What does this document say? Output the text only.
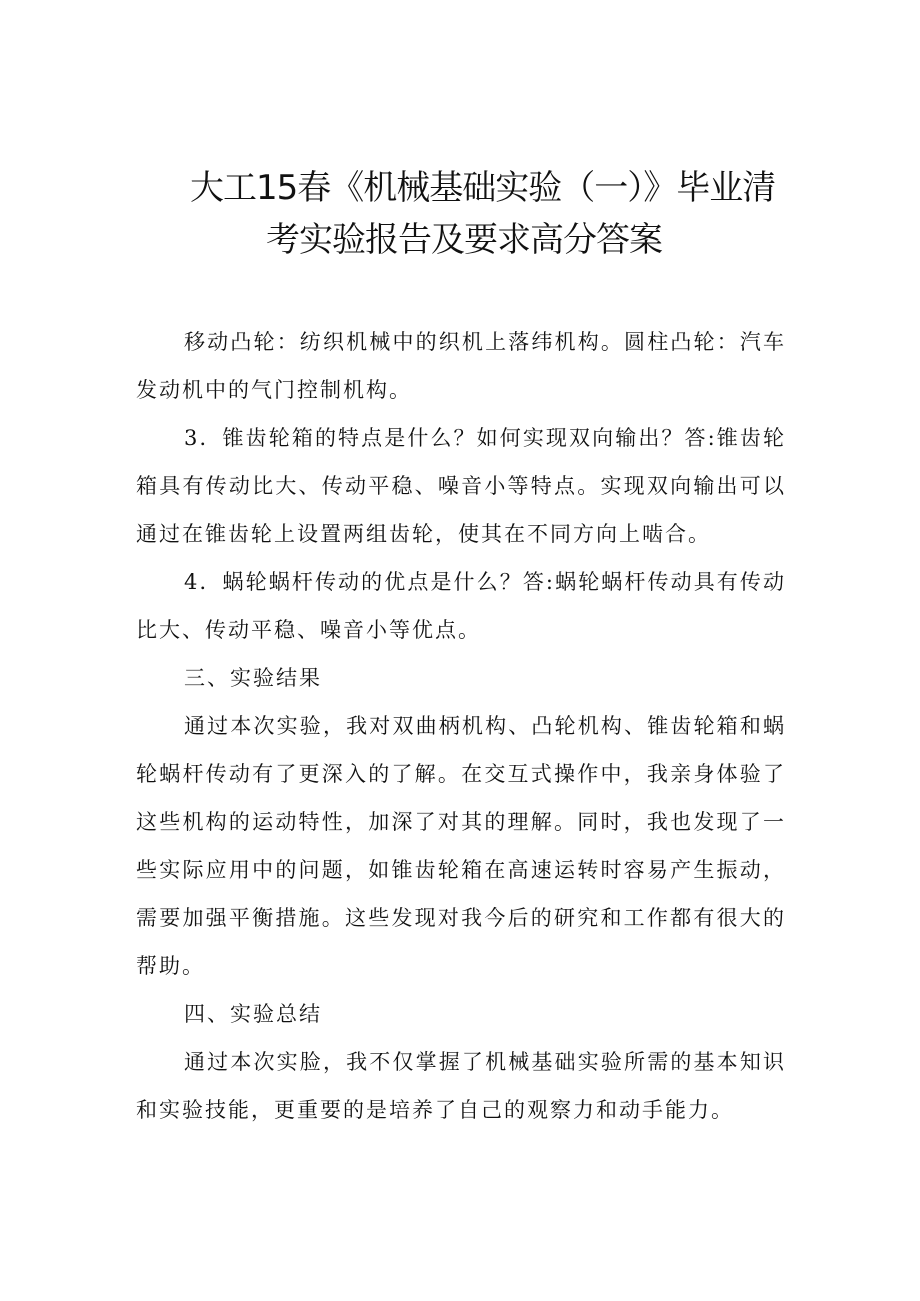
大工15春《机械基础实验（一）》毕业清
考实验报告及要求高分答案

移动凸轮：纺织机械中的织机上落纬机构。圆柱凸轮：汽车发动机中的气门控制机构。

3．锥齿轮箱的特点是什么？如何实现双向输出？答:锥齿轮箱具有传动比大、传动平稳、噪音小等特点。实现双向输出可以通过在锥齿轮上设置两组齿轮，使其在不同方向上啮合。

4．蜗轮蜗杆传动的优点是什么？答:蜗轮蜗杆传动具有传动比大、传动平稳、噪音小等优点。

三、实验结果

通过本次实验，我对双曲柄机构、凸轮机构、锥齿轮箱和蜗轮蜗杆传动有了更深入的了解。在交互式操作中，我亲身体验了这些机构的运动特性，加深了对其的理解。同时，我也发现了一些实际应用中的问题，如锥齿轮箱在高速运转时容易产生振动，需要加强平衡措施。这些发现对我今后的研究和工作都有很大的帮助。

四、实验总结

通过本次实脸，我不仅掌握了机械基础实验所需的基本知识和实验技能，更重要的是培养了自己的观察力和动手能力。
